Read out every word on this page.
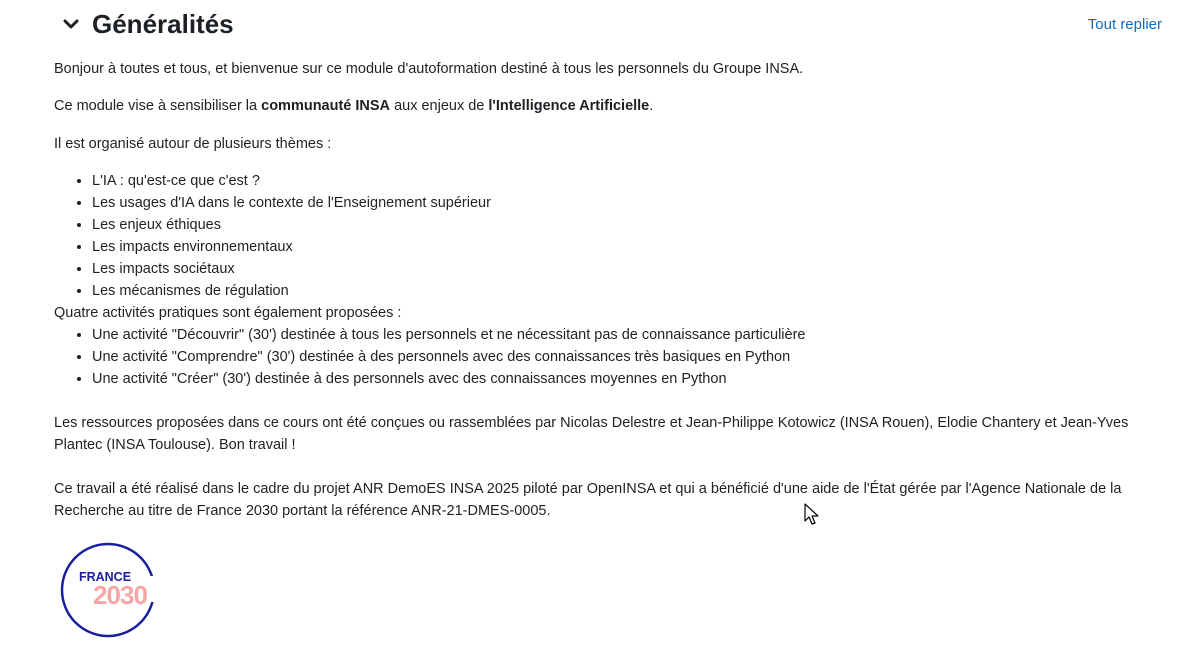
Généralités	Tout replier

Bonjour à toutes et tous, et bienvenue sur ce module d'autoformation destiné à tous les personnels du Groupe INSA.

Ce module vise à sensibiliser la communauté INSA aux enjeux de l'Intelligence Artificielle.

Il est organisé autour de plusieurs thèmes :

• L'IA : qu'est-ce que c'est ?
• Les usages d'IA dans le contexte de l'Enseignement supérieur
• Les enjeux éthiques
• Les impacts environnementaux
• Les impacts sociétaux
• Les mécanismes de régulation

Quatre activités pratiques sont également proposées :

• Une activité "Découvrir" (30') destinée à tous les personnels et ne nécessitant pas de connaissance particulière
• Une activité "Comprendre" (30') destinée à des personnels avec des connaissances très basiques en Python
• Une activité "Créer" (30') destinée à des personnels avec des connaissances moyennes en Python

Les ressources proposées dans ce cours ont été conçues ou rassemblées par Nicolas Delestre et Jean-Philippe Kotowicz (INSA Rouen), Elodie Chantery et Jean-Yves Plantec (INSA Toulouse). Bon travail !

Ce travail a été réalisé dans le cadre du projet ANR DemoES INSA 2025 piloté par OpenINSA et qui a bénéficié d'une aide de l'État gérée par l'Agence Nationale de la Recherche au titre de France 2030 portant la référence ANR-21-DMES-0005.

FRANCE
2030
